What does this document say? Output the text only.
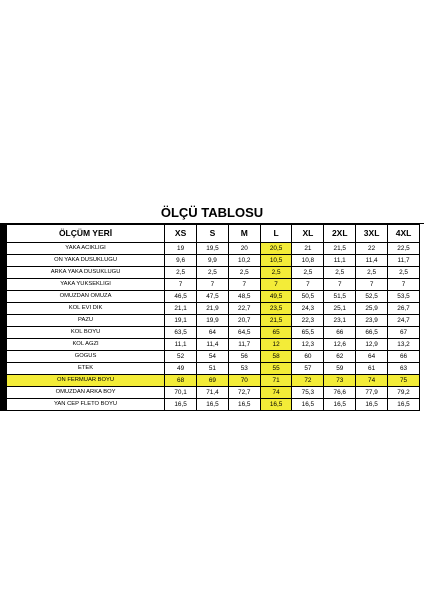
ÖLÇÜ TABLOSU
	ÖLÇÜM YERİ	XS	S	M	L	XL	2XL	3XL	4XL
	YAKA ACIKLIGI	19	19,5	20	20,5	21	21,5	22	22,5
	ON YAKA DUSUKLUGU	9,6	9,9	10,2	10,5	10,8	11,1	11,4	11,7
	ARKA YAKA DUSUKLUGU	2,5	2,5	2,5	2,5	2,5	2,5	2,5	2,5
	YAKA YUKSEKLIGI	7	7	7	7	7	7	7	7
	OMUZDAN OMUZA	46,5	47,5	48,5	49,5	50,5	51,5	52,5	53,5
	KOL EVI DIK	21,1	21,9	22,7	23,5	24,3	25,1	25,9	26,7
	PAZU	19,1	19,9	20,7	21,5	22,3	23,1	23,9	24,7
	KOL BOYU	63,5	64	64,5	65	65,5	66	66,5	67
	KOL AGZI	11,1	11,4	11,7	12	12,3	12,6	12,9	13,2
	GOGUS	52	54	56	58	60	62	64	66
	ETEK	49	51	53	55	57	59	61	63
	ON FERMUAR BOYU	68	69	70	71	72	73	74	75
	OMUZDAN ARKA BOY	70,1	71,4	72,7	74	75,3	76,6	77,9	79,2
	YAN CEP FLETO BOYU	16,5	16,5	16,5	16,5	16,5	16,5	16,5	16,5
